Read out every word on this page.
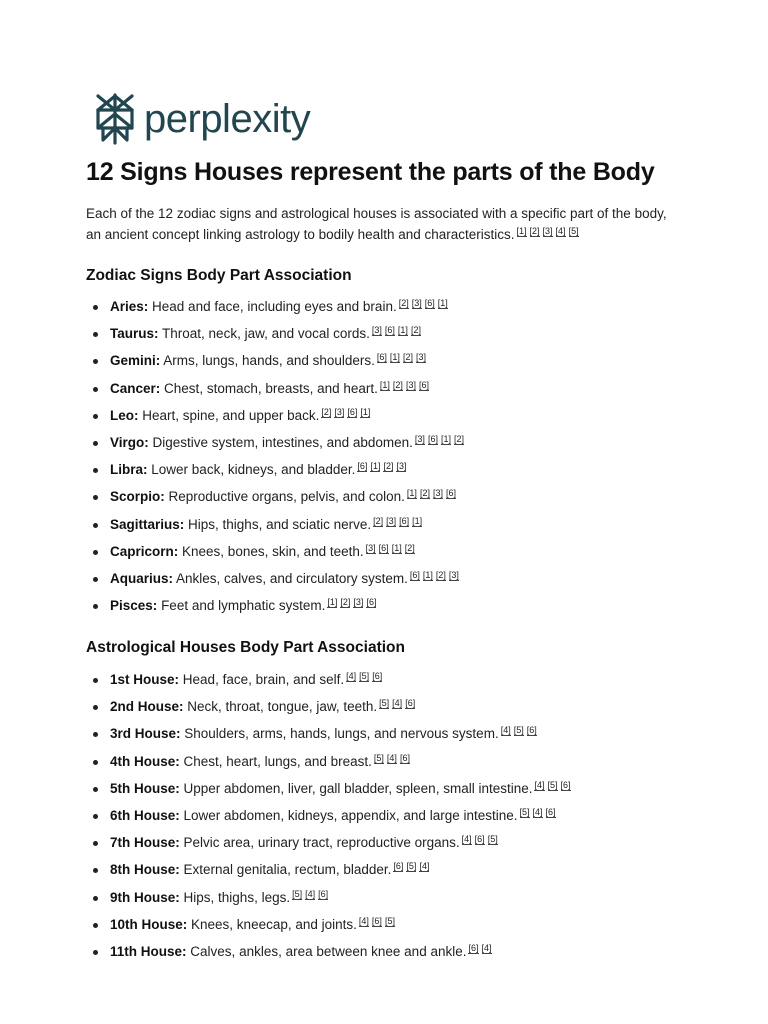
perplexity
12 Signs Houses represent the parts of the Body

Each of the 12 zodiac signs and astrological houses is associated with a specific part of the body, an ancient concept linking astrology to bodily health and characteristics. [1] [2] [3] [4] [5]

Zodiac Signs Body Part Association
Aries: Head and face, including eyes and brain. [2] [3] [6] [1]
Taurus: Throat, neck, jaw, and vocal cords. [3] [6] [1] [2]
Gemini: Arms, lungs, hands, and shoulders. [6] [1] [2] [3]
Cancer: Chest, stomach, breasts, and heart. [1] [2] [3] [6]
Leo: Heart, spine, and upper back. [2] [3] [6] [1]
Virgo: Digestive system, intestines, and abdomen. [3] [6] [1] [2]
Libra: Lower back, kidneys, and bladder. [6] [1] [2] [3]
Scorpio: Reproductive organs, pelvis, and colon. [1] [2] [3] [6]
Sagittarius: Hips, thighs, and sciatic nerve. [2] [3] [6] [1]
Capricorn: Knees, bones, skin, and teeth. [3] [6] [1] [2]
Aquarius: Ankles, calves, and circulatory system. [6] [1] [2] [3]
Pisces: Feet and lymphatic system. [1] [2] [3] [6]
Astrological Houses Body Part Association
1st House: Head, face, brain, and self. [4] [5] [6]
2nd House: Neck, throat, tongue, jaw, teeth. [5] [4] [6]
3rd House: Shoulders, arms, hands, lungs, and nervous system. [4] [5] [6]
4th House: Chest, heart, lungs, and breast. [5] [4] [6]
5th House: Upper abdomen, liver, gall bladder, spleen, small intestine. [4] [5] [6]
6th House: Lower abdomen, kidneys, appendix, and large intestine. [5] [4] [6]
7th House: Pelvic area, urinary tract, reproductive organs. [4] [6] [5]
8th House: External genitalia, rectum, bladder. [6] [5] [4]
9th House: Hips, thighs, legs. [5] [4] [6]
10th House: Knees, kneecap, and joints. [4] [6] [5]
11th House: Calves, ankles, area between knee and ankle. [6] [4]
